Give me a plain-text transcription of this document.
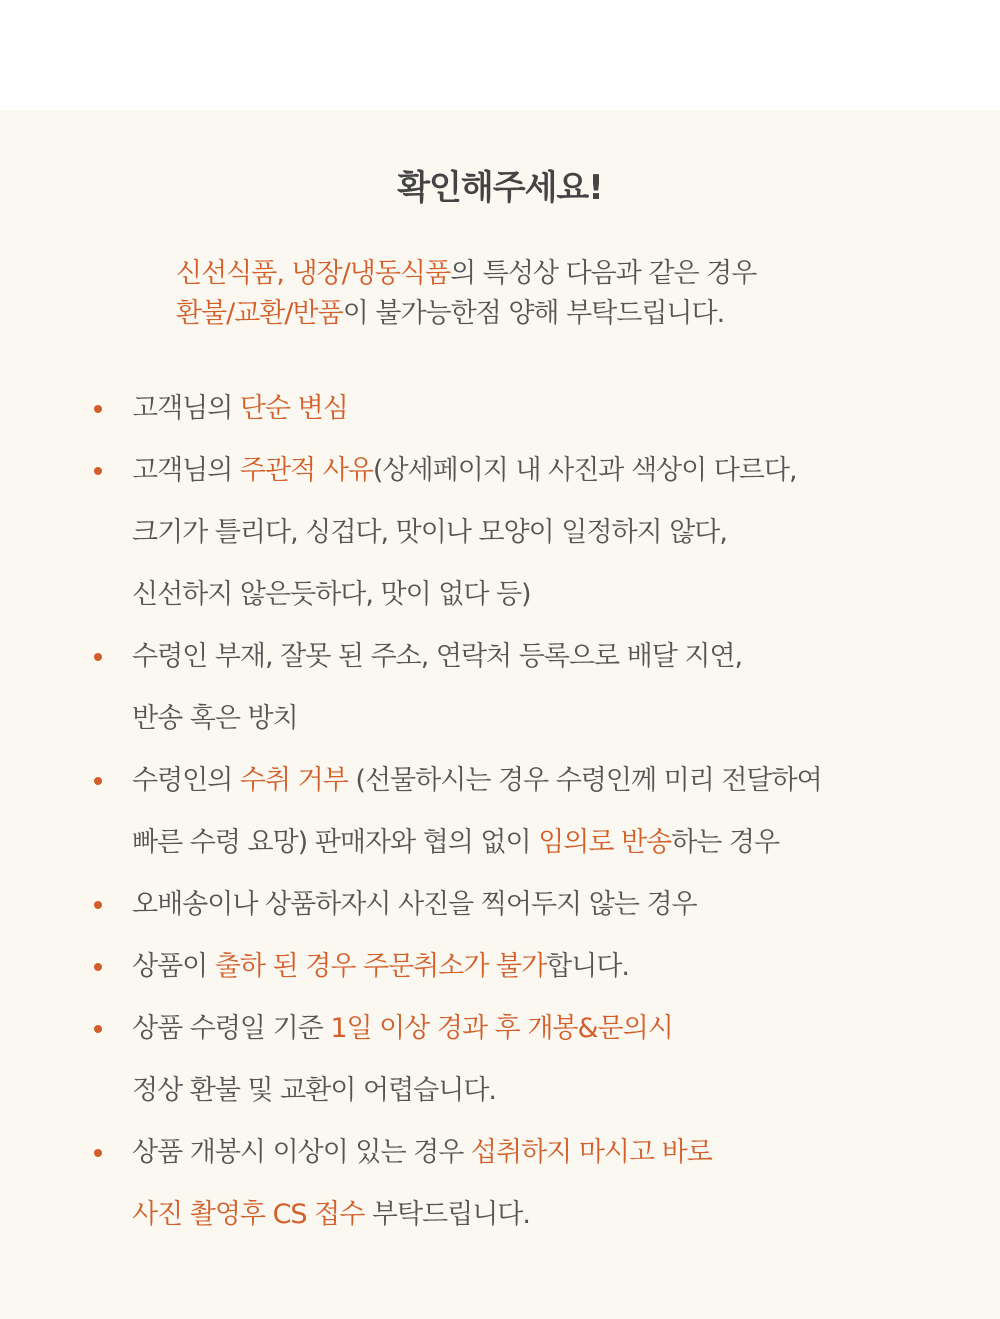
확인해주세요!
신선식품, 냉장/냉동식품의 특성상 다음과 같은 경우
환불/교환/반품이 불가능한점 양해 부탁드립니다.
고객님의 단순 변심
고객님의 주관적 사유(상세페이지 내 사진과 색상이 다르다,
크기가 틀리다, 싱겁다, 맛이나 모양이 일정하지 않다,
신선하지 않은듯하다, 맛이 없다 등)
수령인 부재, 잘못 된 주소, 연락처 등록으로 배달 지연,
반송 혹은 방치
수령인의 수취 거부 (선물하시는 경우 수령인께 미리 전달하여
빠른 수령 요망) 판매자와 협의 없이 임의로 반송하는 경우
오배송이나 상품하자시 사진을 찍어두지 않는 경우
상품이 출하 된 경우 주문취소가 불가합니다.
상품 수령일 기준 1일 이상 경과 후 개봉&문의시
정상 환불 및 교환이 어렵습니다.
상품 개봉시 이상이 있는 경우 섭취하지 마시고 바로
사진 촬영후 CS 접수 부탁드립니다.
